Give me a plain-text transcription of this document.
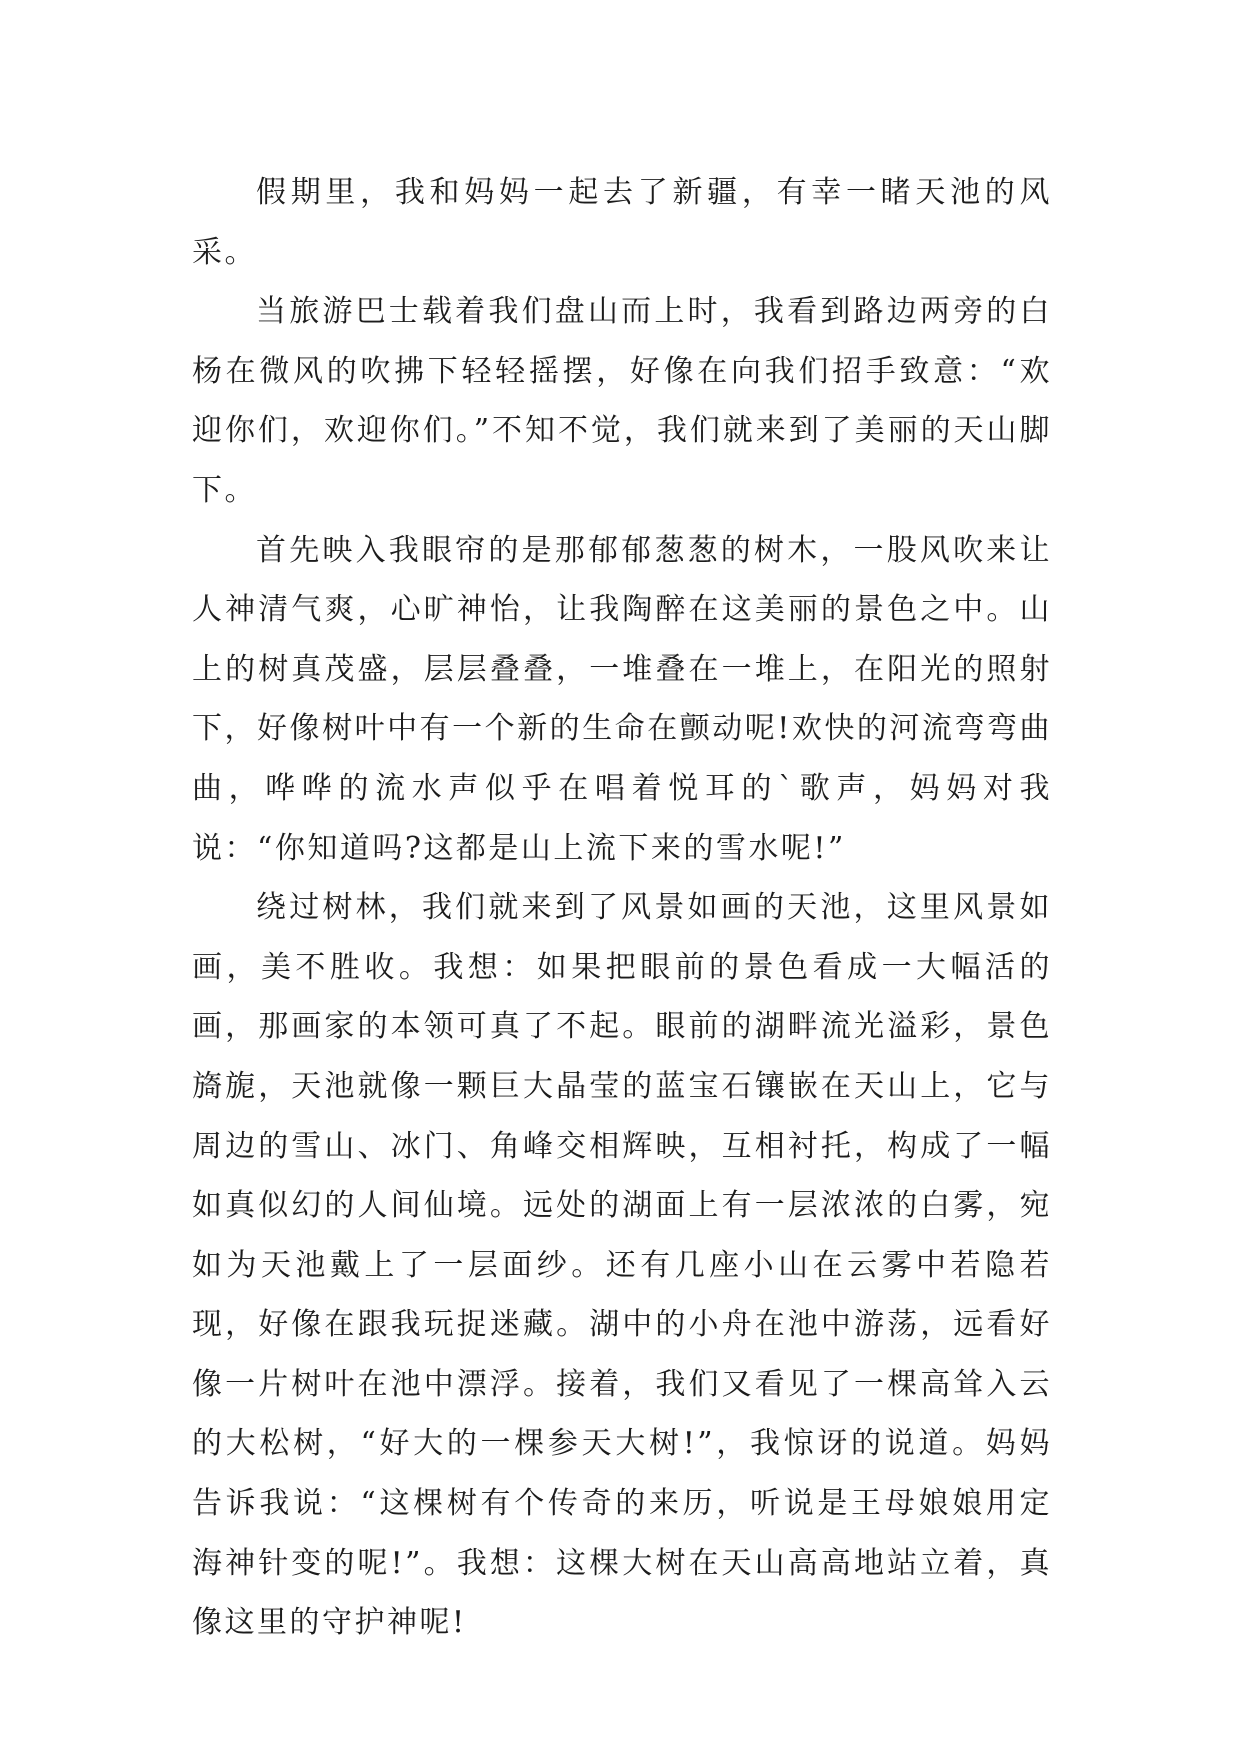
假期里，我和妈妈一起去了新疆，有幸一睹天池的风采。

当旅游巴士载着我们盘山而上时，我看到路边两旁的白杨在微风的吹拂下轻轻摇摆，好像在向我们招手致意：“欢迎你们，欢迎你们。”不知不觉，我们就来到了美丽的天山脚下。

首先映入我眼帘的是那郁郁葱葱的树木，一股风吹来让人神清气爽，心旷神怡，让我陶醉在这美丽的景色之中。山上的树真茂盛，层层叠叠，一堆叠在一堆上，在阳光的照射下，好像树叶中有一个新的生命在颤动呢!欢快的河流弯弯曲曲，哗哗的流水声似乎在唱着悦耳的`歌声，妈妈对我说：“你知道吗?这都是山上流下来的雪水呢!”

绕过树林，我们就来到了风景如画的天池，这里风景如画，美不胜收。我想：如果把眼前的景色看成一大幅活的画，那画家的本领可真了不起。眼前的湖畔流光溢彩，景色旖旎，天池就像一颗巨大晶莹的蓝宝石镶嵌在天山上，它与周边的雪山、冰门、角峰交相辉映，互相衬托，构成了一幅如真似幻的人间仙境。远处的湖面上有一层浓浓的白雾，宛如为天池戴上了一层面纱。还有几座小山在云雾中若隐若现，好像在跟我玩捉迷藏。湖中的小舟在池中游荡，远看好像一片树叶在池中漂浮。接着，我们又看见了一棵高耸入云的大松树，“好大的一棵参天大树!”，我惊讶的说道。妈妈告诉我说：“这棵树有个传奇的来历，听说是王母娘娘用定海神针变的呢!”。我想：这棵大树在天山高高地站立着，真像这里的守护神呢!
